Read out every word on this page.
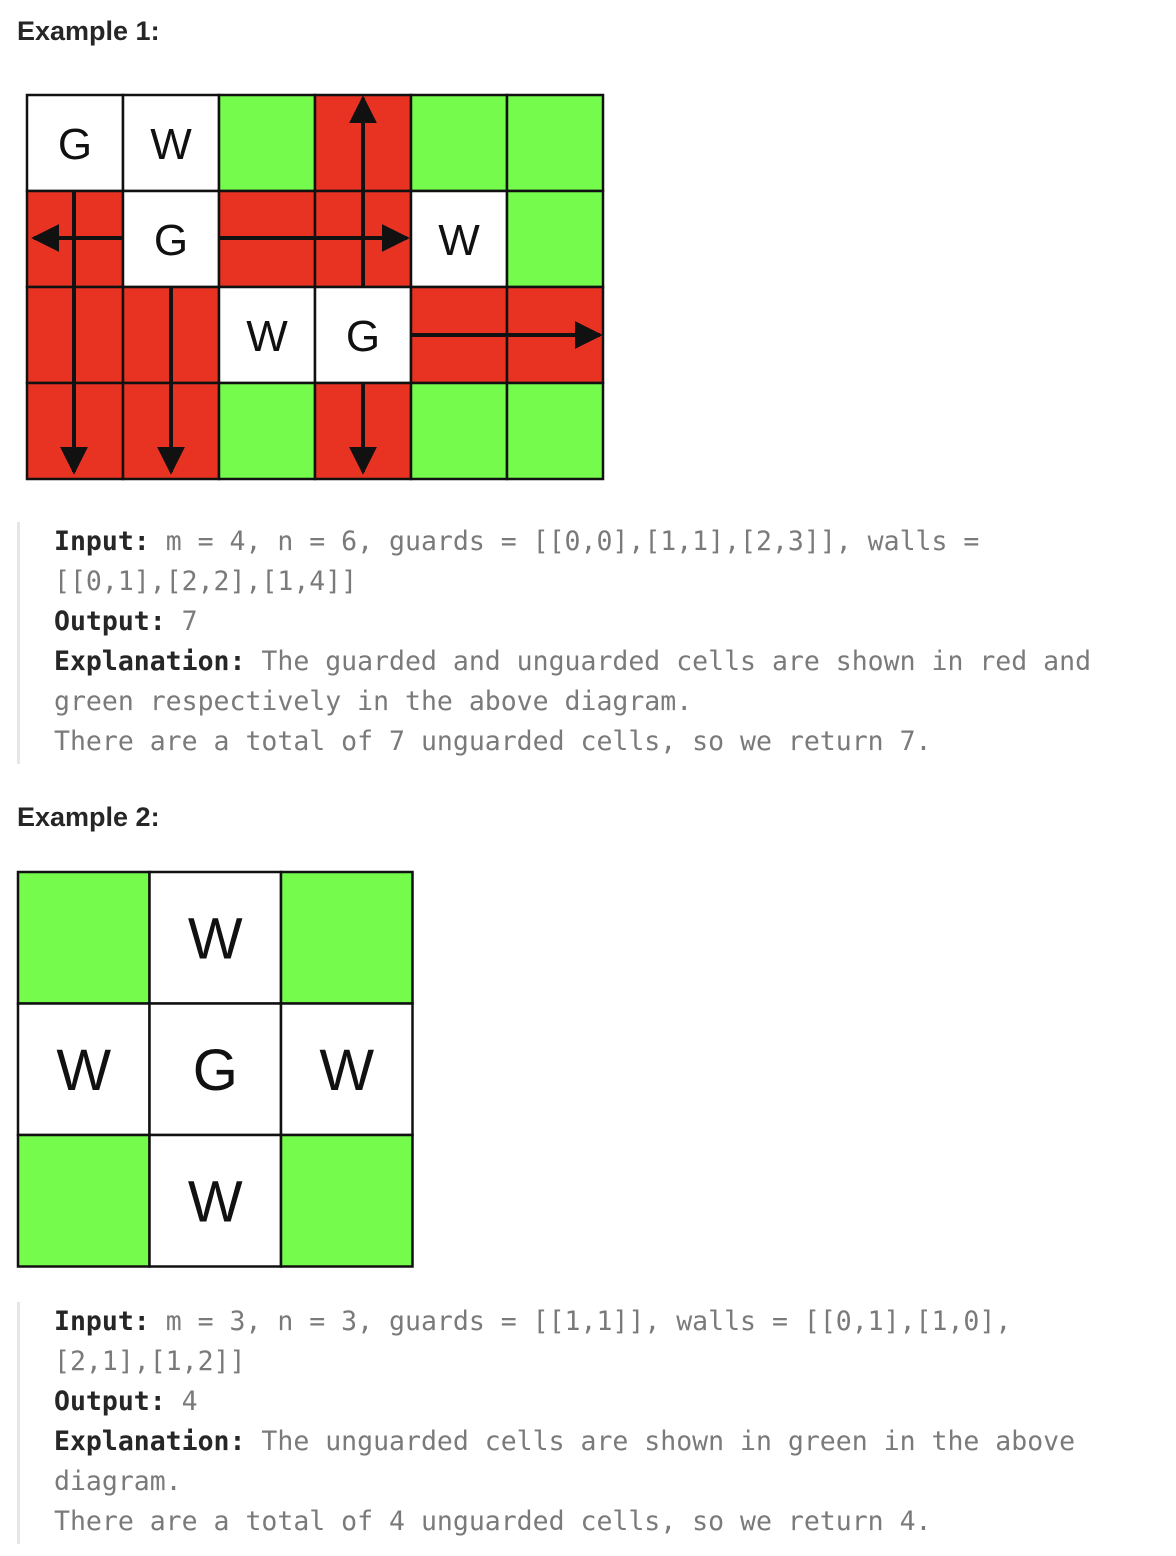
Example 1:
G W
G	W
W G

Input: m = 4, n = 6, guards = [[0,0],[1,1],[2,3]], walls =

[[0,1],[2,2],[1,4]]

Output: 7

Explanation: The guarded and unguarded cells are shown in red and

green respectively in the above diagram.

There are a total of 7 unguarded cells, so we return 7.

Example 2:
W
W G W
W

Input: m = 3, n = 3, guards = [[1,1]], walls = [[0,1],[1,0],

[2,1],[1,2]]

Output: 4

Explanation: The unguarded cells are shown in green in the above

diagram.

There are a total of 4 unguarded cells, so we return 4.
